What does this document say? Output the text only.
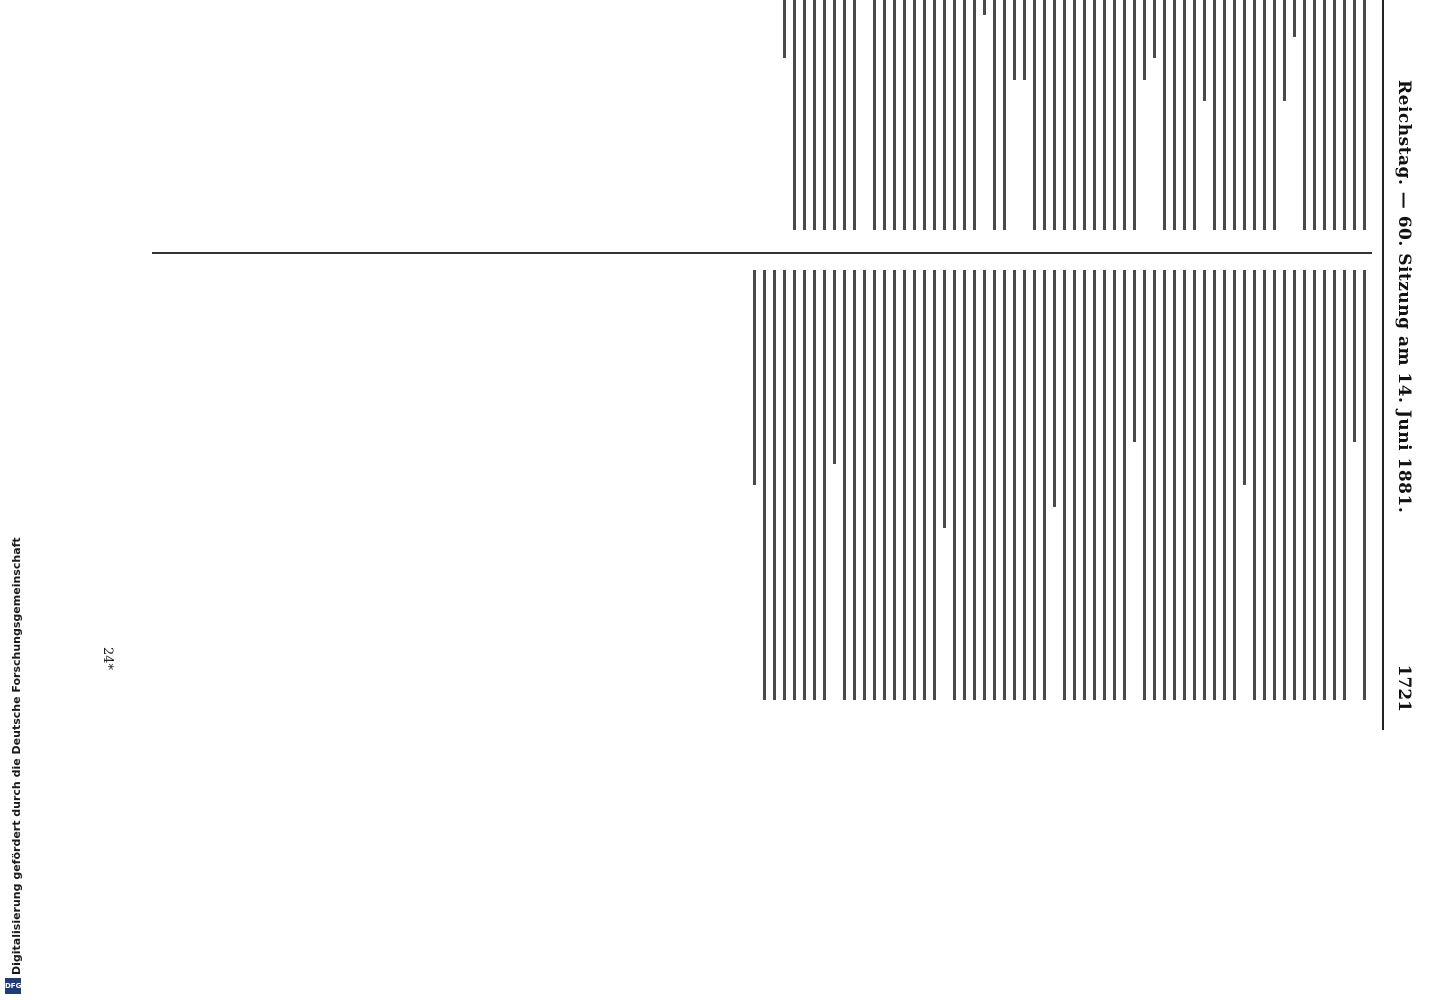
Digitalisierung gefördert durch die Deutsche Forschungsgemeinschaft
DFG
Reichstag. — 60. Sitzung am 14. Juni 1881.
1721
24*
